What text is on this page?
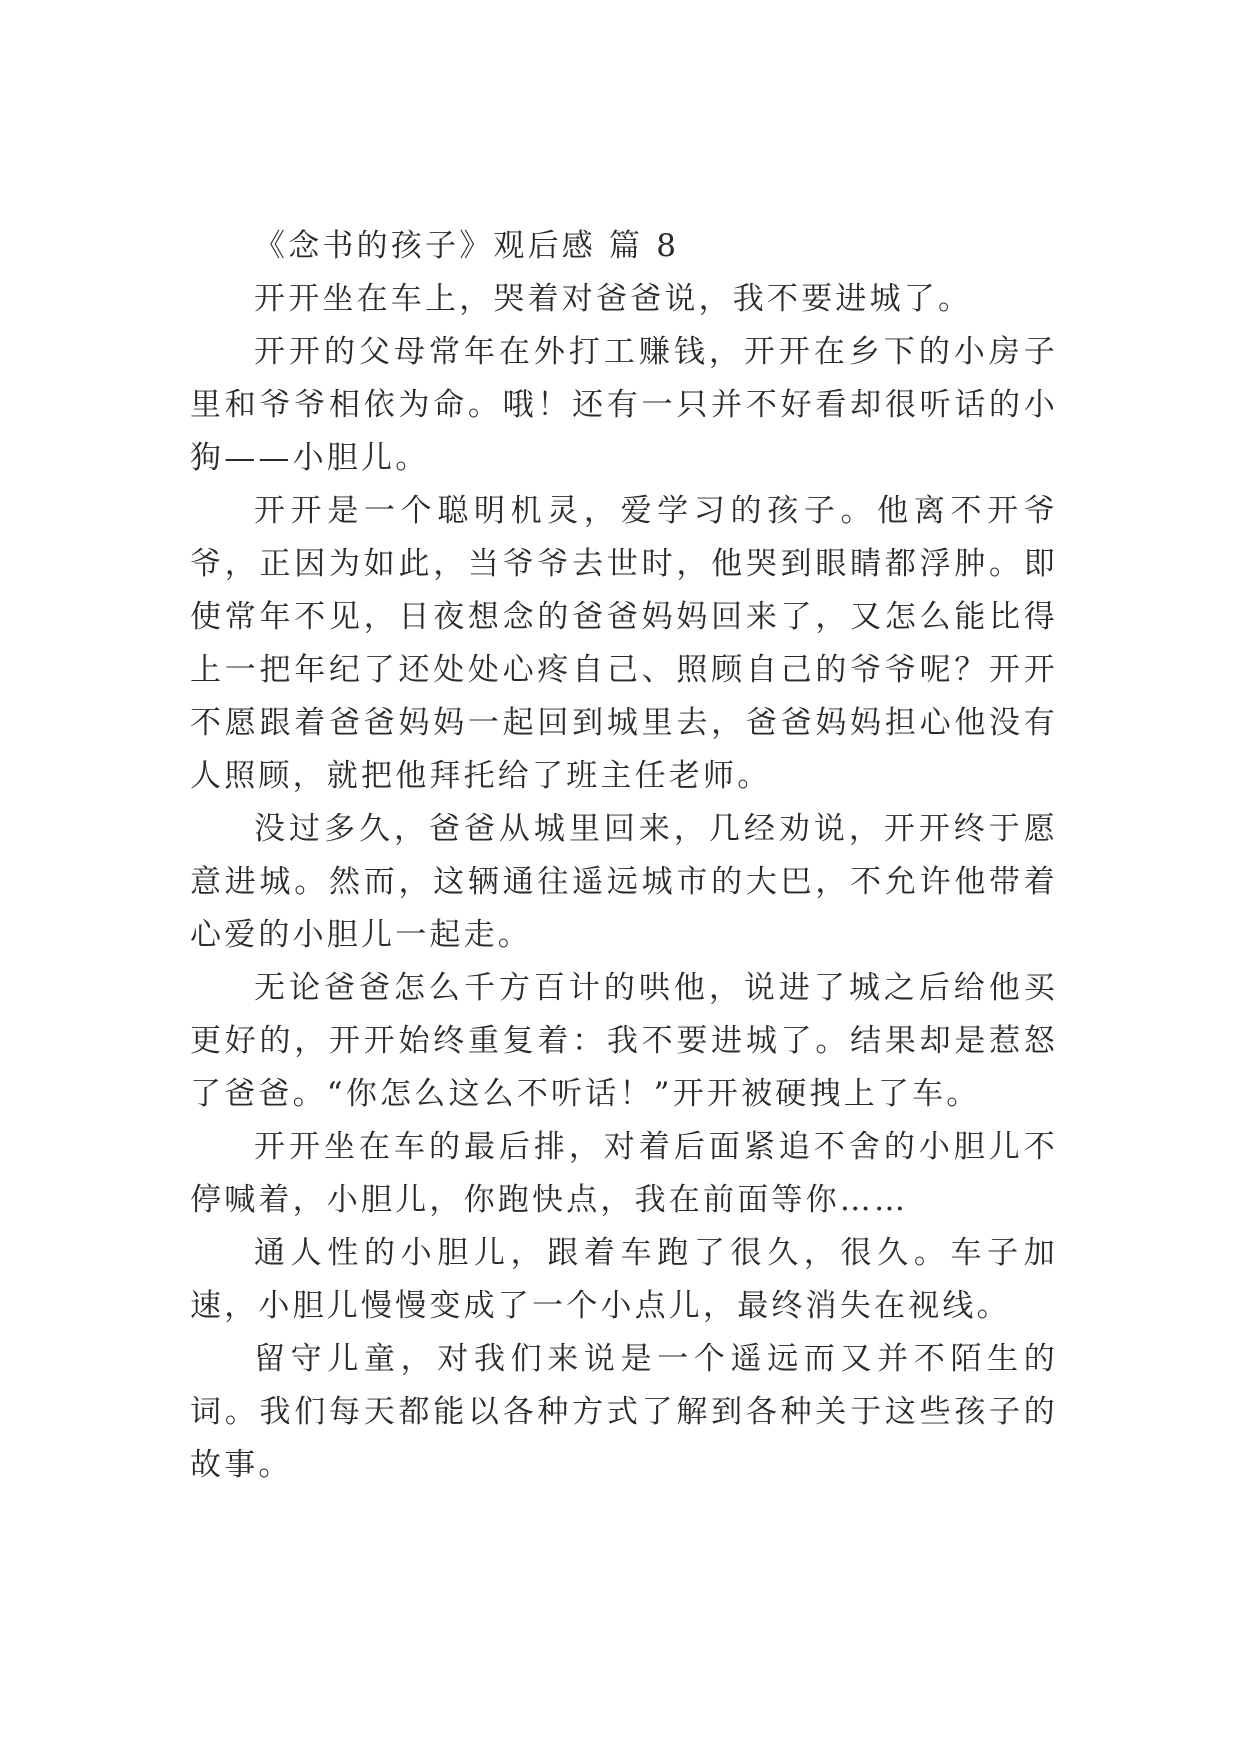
《念书的孩子》观后感 篇 8

开开坐在车上，哭着对爸爸说，我不要进城了。

开开的父母常年在外打工赚钱，开开在乡下的小房子里和爷爷相依为命。哦！还有一只并不好看却很听话的小狗——小胆儿。

开开是一个聪明机灵，爱学习的孩子。他离不开爷爷，正因为如此，当爷爷去世时，他哭到眼睛都浮肿。即使常年不见，日夜想念的爸爸妈妈回来了，又怎么能比得上一把年纪了还处处心疼自己、照顾自己的爷爷呢？开开不愿跟着爸爸妈妈一起回到城里去，爸爸妈妈担心他没有人照顾，就把他拜托给了班主任老师。

没过多久，爸爸从城里回来，几经劝说，开开终于愿意进城。然而，这辆通往遥远城市的大巴，不允许他带着心爱的小胆儿一起走。

无论爸爸怎么千方百计的哄他，说进了城之后给他买更好的，开开始终重复着：我不要进城了。结果却是惹怒了爸爸。“你怎么这么不听话！”开开被硬拽上了车。

开开坐在车的最后排，对着后面紧追不舍的小胆儿不停喊着，小胆儿，你跑快点，我在前面等你……

通人性的小胆儿，跟着车跑了很久，很久。车子加速，小胆儿慢慢变成了一个小点儿，最终消失在视线。

留守儿童，对我们来说是一个遥远而又并不陌生的词。我们每天都能以各种方式了解到各种关于这些孩子的故事。
